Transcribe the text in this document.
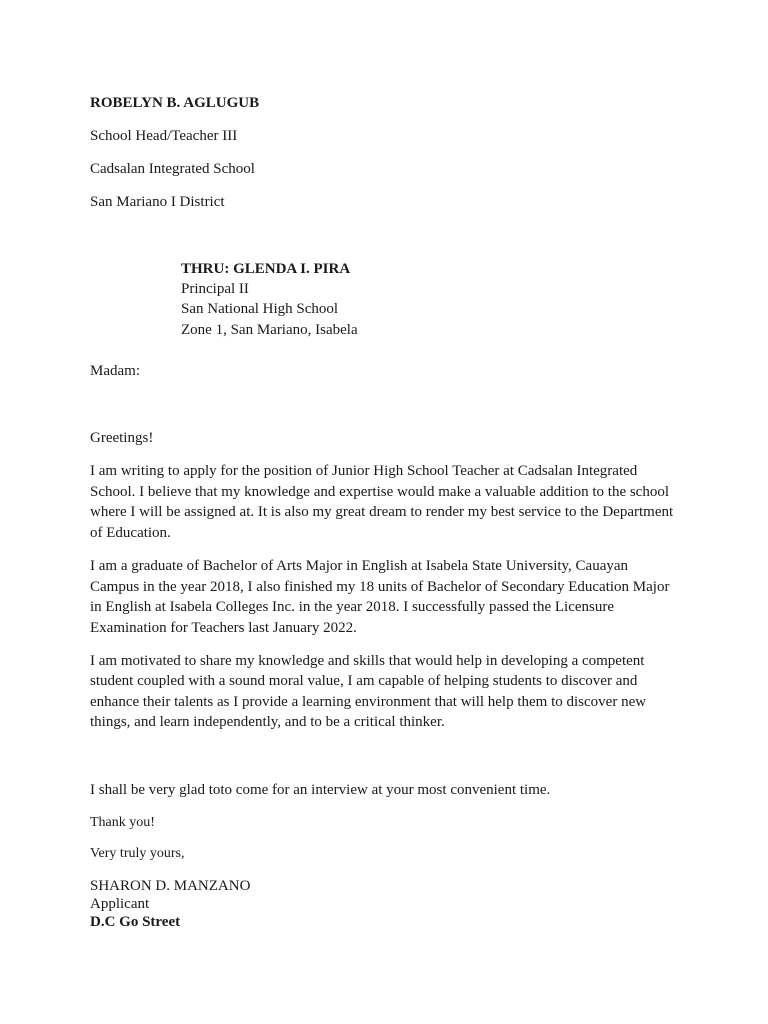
ROBELYN B. AGLUGUB
School Head/Teacher III
Cadsalan Integrated School
San Mariano I District
THRU: GLENDA I. PIRA
Principal II
San National High School
Zone 1, San Mariano, Isabela
Madam:
Greetings!
I am writing to apply for the position of Junior High School Teacher at Cadsalan Integrated
School. I believe that my knowledge and expertise would make a valuable addition to the school
where I will be assigned at. It is also my great dream to render my best service to the Department
of Education.
I am a graduate of Bachelor of Arts Major in English at Isabela State University, Cauayan
Campus in the year 2018, I also finished my 18 units of Bachelor of Secondary Education Major
in English at Isabela Colleges Inc. in the year 2018. I successfully passed the Licensure
Examination for Teachers last January 2022.
I am motivated to share my knowledge and skills that would help in developing a competent
student coupled with a sound moral value, I am capable of helping students to discover and
enhance their talents as I provide a learning environment that will help them to discover new
things, and learn independently, and to be a critical thinker.
I shall be very glad toto come for an interview at your most convenient time.
Thank you!
Very truly yours,
SHARON D. MANZANO
Applicant
D.C Go Street
